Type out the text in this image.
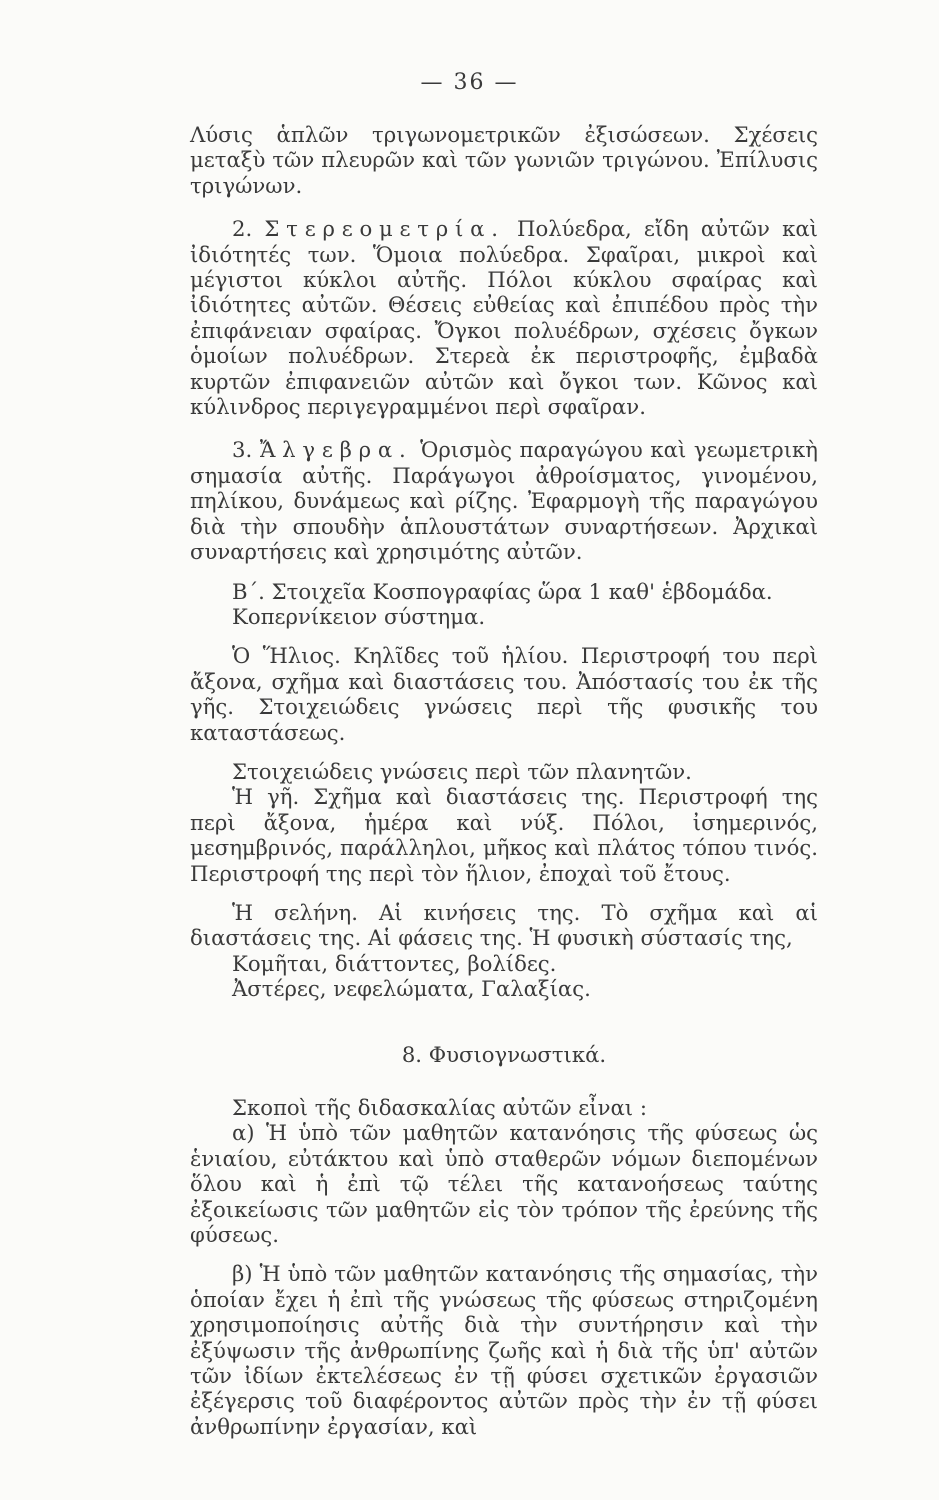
— 36 —

Λύσις ἁπλῶν τριγωνομετρικῶν ἐξισώσεων. Σχέσεις μεταξὺ τῶν πλευρῶν καὶ τῶν γωνιῶν τριγώνου. Ἐπίλυσις τριγώνων.

2. Στερεομετρία. Πολύεδρα, εἴδη αὐτῶν καὶ ἰδιότητές των. Ὅμοια πολύεδρα. Σφαῖραι, μικροὶ καὶ μέγιστοι κύκλοι αὐτῆς. Πόλοι κύκλου σφαίρας καὶ ἰδιότητες αὐτῶν. Θέσεις εὐθείας καὶ ἐπιπέδου πρὸς τὴν ἐπιφάνειαν σφαίρας. Ὄγκοι πολυέδρων, σχέσεις ὄγκων ὁμοίων πολυέδρων. Στερεὰ ἐκ περιστροφῆς, ἐμβαδὰ κυρτῶν ἐπιφανειῶν αὐτῶν καὶ ὄγκοι των. Κῶνος καὶ κύλινδρος περιγεγραμμένοι περὶ σφαῖραν.

3. Ἄλγεβρα. Ὁρισμὸς παραγώγου καὶ γεωμετρικὴ σημασία αὐτῆς. Παράγωγοι ἀθροίσματος, γινομένου, πηλίκου, δυνάμεως καὶ ρίζης. Ἐφαρμογὴ τῆς παραγώγου διὰ τὴν σπουδὴν ἁπλουστάτων συναρτήσεων. Ἀρχικαὶ συναρτήσεις καὶ χρησιμότης αὐτῶν.

Β΄. Στοιχεῖα Κοσπογραφίας ὥρα 1 καθ' ἑβδομάδα.

Κοπερνίκειον σύστημα.

Ὁ Ἥλιος. Κηλῖδες τοῦ ἡλίου. Περιστροφή του περὶ ἄξονα, σχῆμα καὶ διαστάσεις του. Ἀπόστασίς του ἐκ τῆς γῆς. Στοιχειώδεις γνώσεις περὶ τῆς φυσικῆς του καταστάσεως.

Στοιχειώδεις γνώσεις περὶ τῶν πλανητῶν.

Ἡ γῆ. Σχῆμα καὶ διαστάσεις της. Περιστροφή της περὶ ἄξονα, ἡμέρα καὶ νύξ. Πόλοι, ἰσημερινός, μεσημβρινός, παράλληλοι, μῆκος καὶ πλάτος τόπου τινός. Περιστροφή της περὶ τὸν ἥλιον, ἐποχαὶ τοῦ ἔτους.

Ἡ σελήνη. Αἱ κινήσεις της. Τὸ σχῆμα καὶ αἱ διαστάσεις της. Αἱ φάσεις της. Ἡ φυσικὴ σύστασίς της,

Κομῆται, διάττοντες, βολίδες.

Ἀστέρες, νεφελώματα, Γαλαξίας.

8. Φυσιογνωστικά.

Σκοποὶ τῆς διδασκαλίας αὐτῶν εἶναι :

α) Ἡ ὑπὸ τῶν μαθητῶν κατανόησις τῆς φύσεως ὡς ἑνιαίου, εὐτάκτου καὶ ὑπὸ σταθερῶν νόμων διεπομένων ὅλου καὶ ἡ ἐπὶ τῷ τέλει τῆς κατανοήσεως ταύτης ἐξοικείωσις τῶν μαθητῶν εἰς τὸν τρόπον τῆς ἐρεύνης τῆς φύσεως.

β) Ἡ ὑπὸ τῶν μαθητῶν κατανόησις τῆς σημασίας, τὴν ὁποίαν ἔχει ἡ ἐπὶ τῆς γνώσεως τῆς φύσεως στηριζομένη χρησιμοποίησις αὐτῆς διὰ τὴν συντήρησιν καὶ τὴν ἐξύψωσιν τῆς ἀνθρωπίνης ζωῆς καὶ ἡ διὰ τῆς ὑπ' αὐτῶν τῶν ἰδίων ἐκτελέσεως ἐν τῇ φύσει σχετικῶν ἐργασιῶν ἐξέγερσις τοῦ διαφέροντος αὐτῶν πρὸς τὴν ἐν τῇ φύσει ἀνθρωπίνην ἐργασίαν, καὶ
